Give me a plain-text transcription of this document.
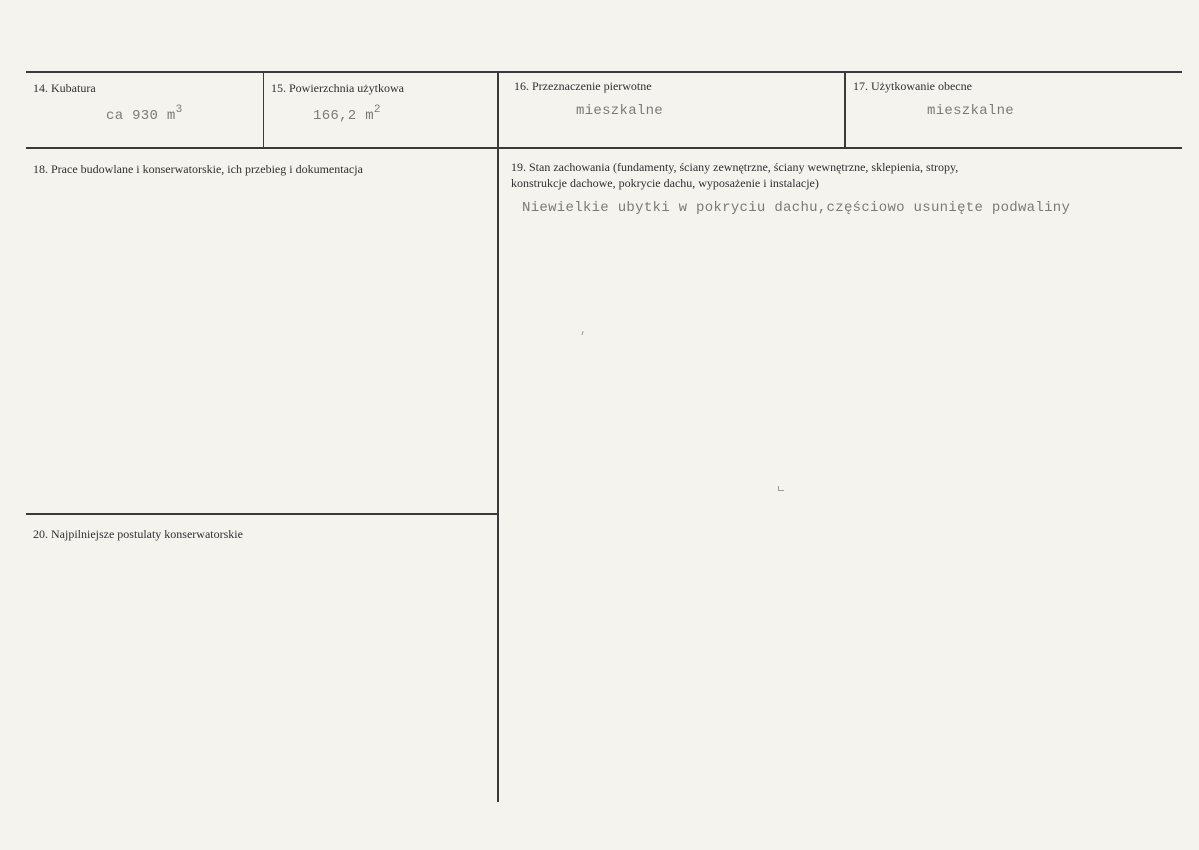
14. Kubatura
ca 930 $m^3$
15. Powierzchnia użytkowa
166,2 $m^2$
16. Przeznaczenie pierwotne
mieszkalne
17. Użytkowanie obecne
mieszkalne
18. Prace budowlane i konserwatorskie, ich przebieg i dokumentacja	19. Stan zachowania (fundamenty, ściany zewnętrzne, ściany wewnętrzne, sklepienia, stropy,
konstrukcje dachowe, pokrycie dachu, wyposażenie i instalacje)
Niewielkie ubytki w pokryciu dachu,częściowo usunięte podwaliny
20. Najpilniejsze postulaty konserwatorskie
